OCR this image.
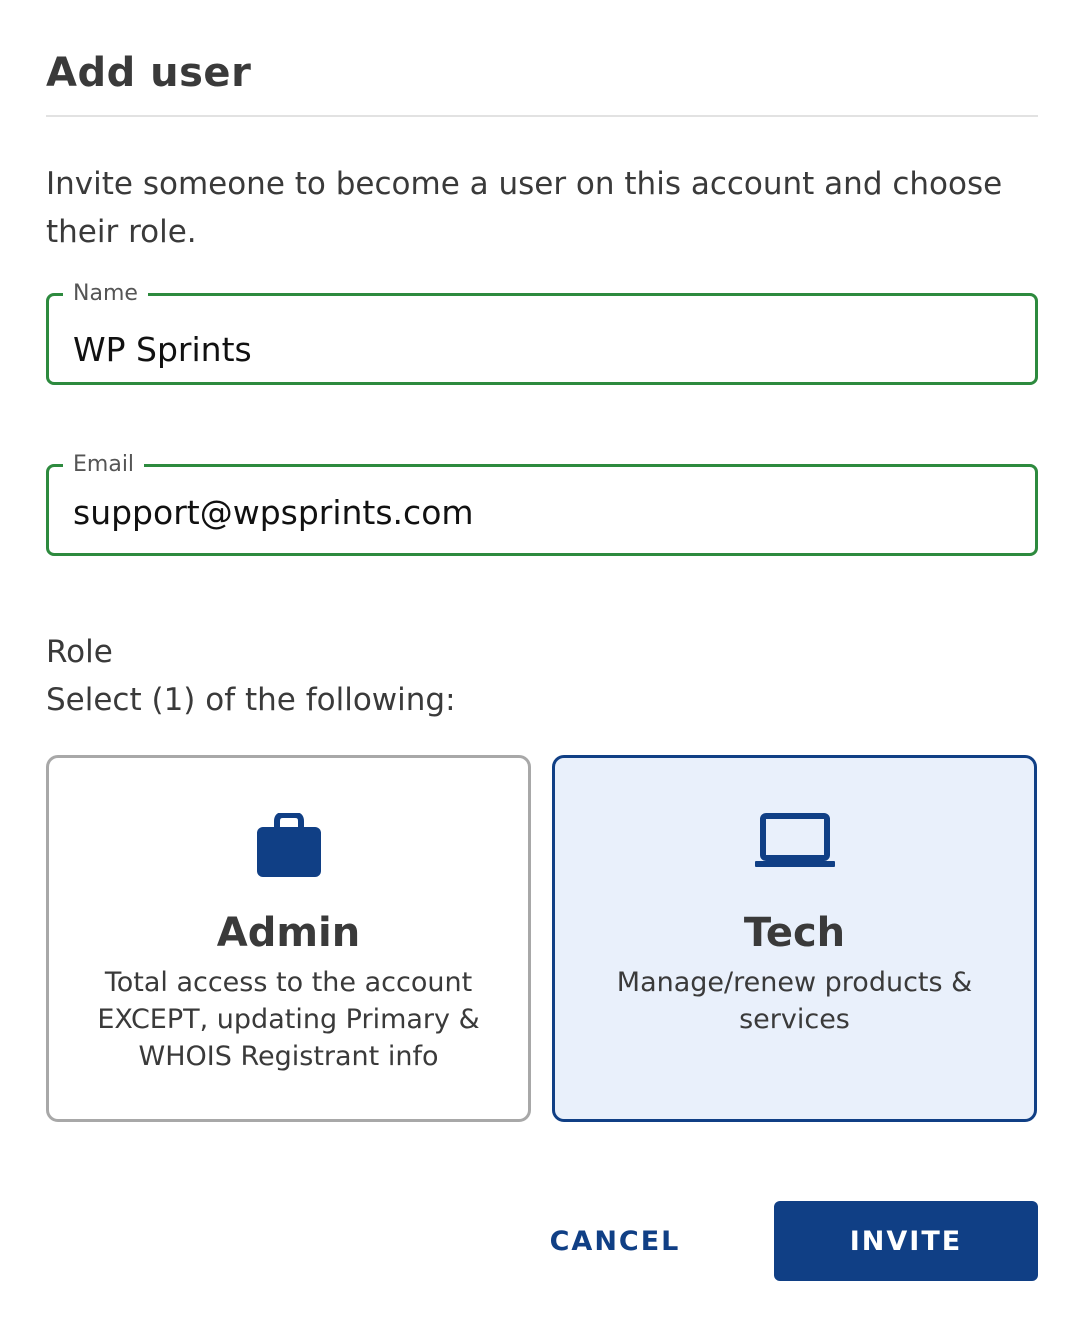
Add user

Invite someone to become a user on this account and choose their role.

Name
WP Sprints
Email
support@wpsprints.com
Role
Select (1) of the following:
Admin
Total access to the account EXCEPT, updating Primary & WHOIS Registrant info
Tech
Manage/renew products & services
CANCEL	INVITE
